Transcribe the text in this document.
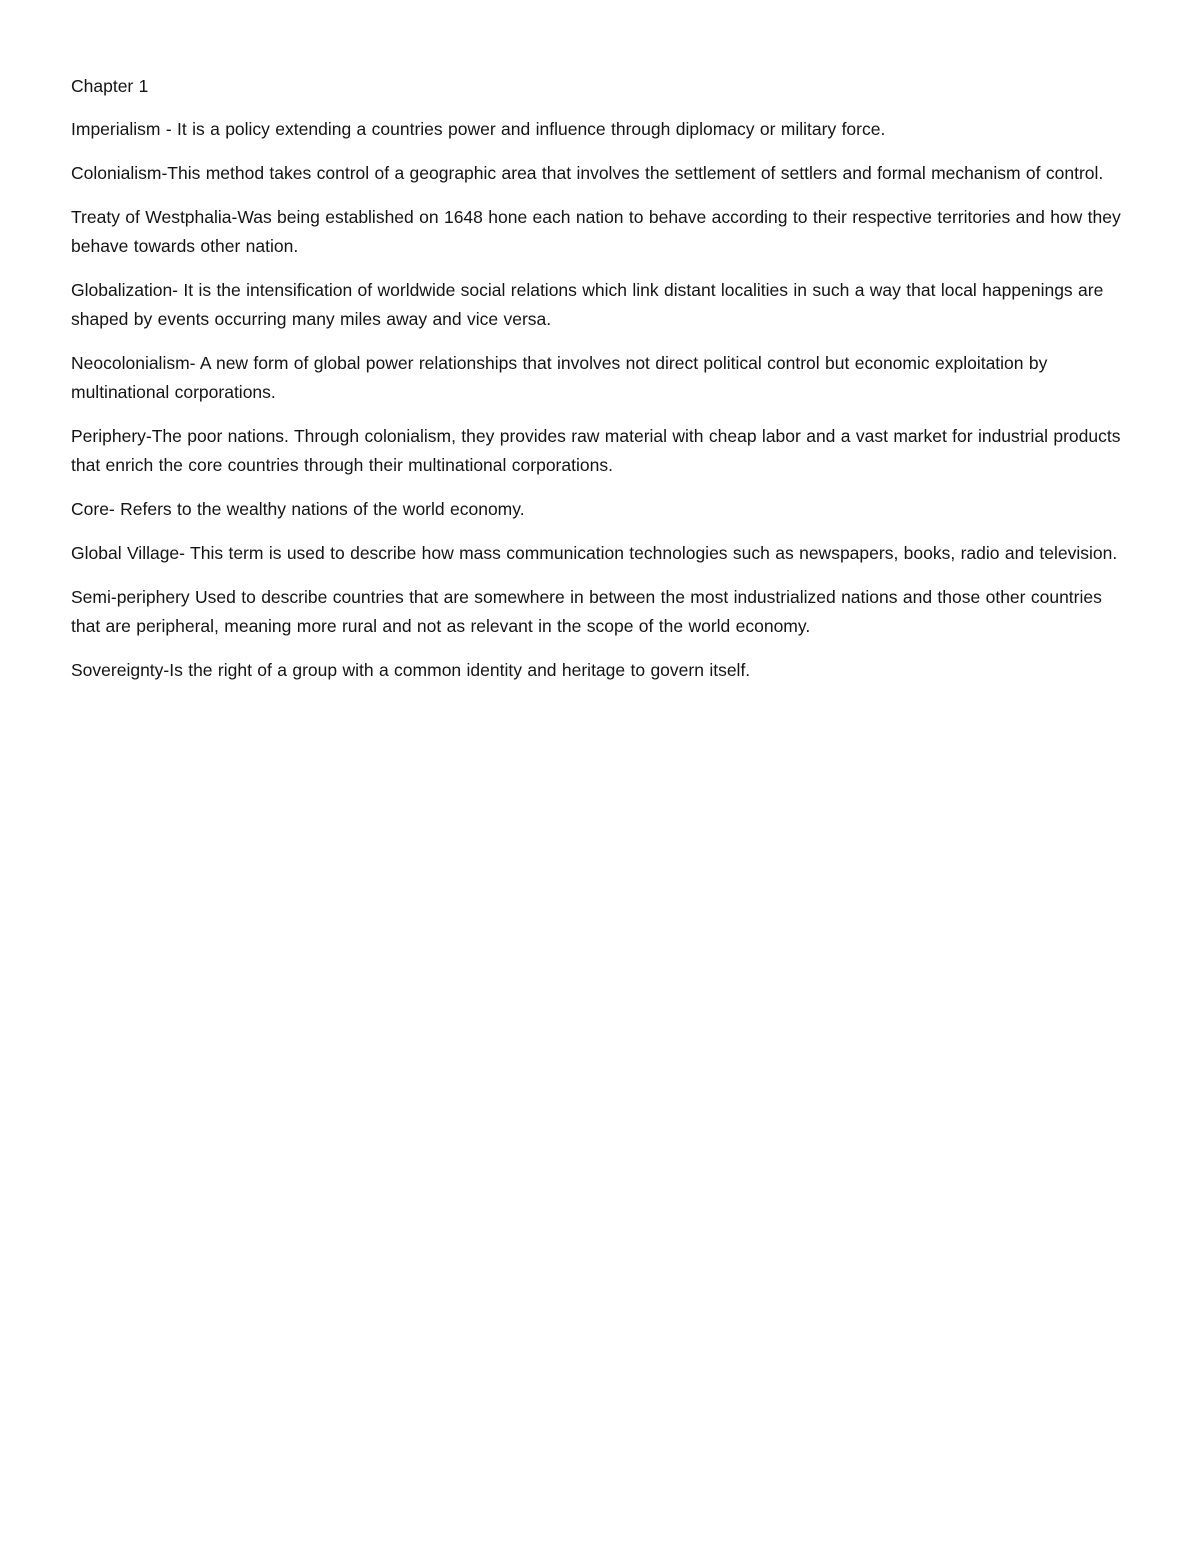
Chapter 1

Imperialism - It is a policy extending a countries power and influence through diplomacy or military force.

Colonialism-This method takes control of a geographic area that involves the settlement of settlers and formal mechanism of control.

Treaty of Westphalia-Was being established on 1648 hone each nation to behave according to their respective territories and how they behave towards other nation.

Globalization- It is the intensification of worldwide social relations which link distant localities in such a way that local happenings are shaped by events occurring many miles away and vice versa.

Neocolonialism- A new form of global power relationships that involves not direct political control but economic exploitation by multinational corporations.

Periphery-The poor nations. Through colonialism, they provides raw material with cheap labor and a vast market for industrial products that enrich the core countries through their multinational corporations.

Core- Refers to the wealthy nations of the world economy.

Global Village- This term is used to describe how mass communication technologies such as newspapers, books, radio and television.

Semi-periphery Used to describe countries that are somewhere in between the most industrialized nations and those other countries that are peripheral, meaning more rural and not as relevant in the scope of the world economy.

Sovereignty-Is the right of a group with a common identity and heritage to govern itself.
